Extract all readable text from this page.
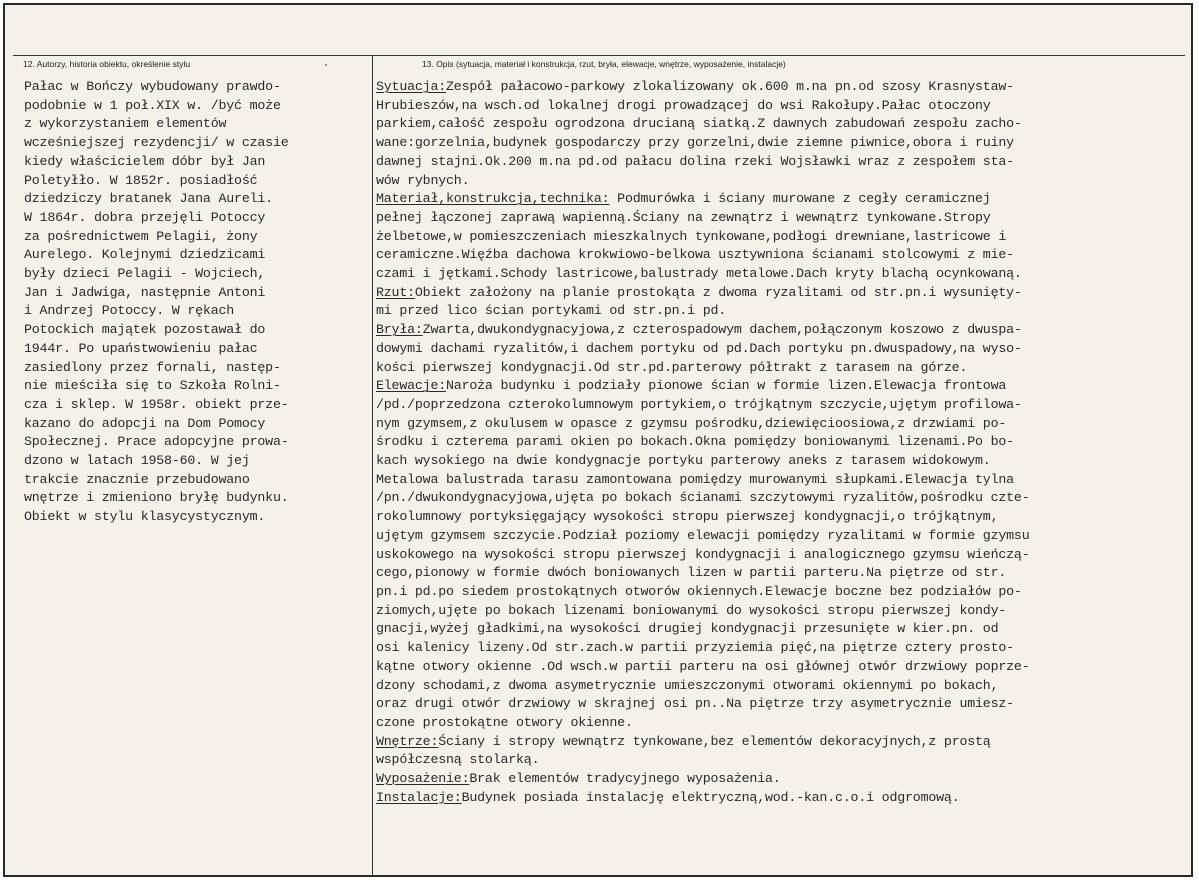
12. Autorzy, historia obiektu, określenie stylu	13. Opis (sytuacja, materiał i konstrukcja, rzut, bryła, elewacje, wnętrze, wyposażenie, instalacje)
Pałac w Bończy wybudowany prawdo-
podobnie w 1 poł.XIX w. /być może
z wykorzystaniem elementów
wcześniejszej rezydencji/ w czasie
kiedy właścicielem dóbr był Jan
Poletyłło. W 1852r. posiadłość
dziedziczy bratanek Jana Aureli.
W 1864r. dobra przejęli Potoccy
za pośrednictwem Pelagii, żony
Aurelego. Kolejnymi dziedzicami
były dzieci Pelagii - Wojciech,
Jan i Jadwiga, następnie Antoni
i Andrzej Potoccy. W rękach
Potockich majątek pozostawał do
1944r. Po upaństwowieniu pałac
zasiedlony przez fornali, następ-
nie mieściła się to Szkoła Rolni-
cza i sklep. W 1958r. obiekt prze-
kazano do adopcji na Dom Pomocy
Społecznej. Prace adopcyjne prowa-
dzono w latach 1958-60. W jej
trakcie znacznie przebudowano
wnętrze i zmieniono bryłę budynku.
Obiekt w stylu klasycystycznym.
Sytuacja:Zespół pałacowo-parkowy zlokalizowany ok.600 m.na pn.od szosy Krasnystaw-
Hrubieszów,na wsch.od lokalnej drogi prowadzącej do wsi Rakołupy.Pałac otoczony
parkiem,całość zespołu ogrodzona drucianą siatką.Z dawnych zabudowań zespołu zacho-
wane:gorzelnia,budynek gospodarczy przy gorzelni,dwie ziemne piwnice,obora i ruiny
dawnej stajni.Ok.200 m.na pd.od pałacu dolina rzeki Wojsławki wraz z zespołem sta-
wów rybnych.
Materiał,konstrukcja,technika: Podmurówka i ściany murowane z cegły ceramicznej
pełnej łączonej zaprawą wapienną.Ściany na zewnątrz i wewnątrz tynkowane.Stropy
żelbetowe,w pomieszczeniach mieszkalnych tynkowane,podłogi drewniane,lastricowe i
ceramiczne.Więźba dachowa krokwiowo-belkowa usztywniona ścianami stolcowymi z mie-
czami i jętkami.Schody lastricowe,balustrady metalowe.Dach kryty blachą ocynkowaną.
Rzut:Obiekt założony na planie prostokąta z dwoma ryzalitami od str.pn.i wysunięty-
mi przed lico ścian portykami od str.pn.i pd.
Bryła:Zwarta,dwukondygnacyjowa,z czterospadowym dachem,połączonym koszowo z dwuspa-
dowymi dachami ryzalitów,i dachem portyku od pd.Dach portyku pn.dwuspadowy,na wyso-
kości pierwszej kondygnacji.Od str.pd.parterowy półtrakt z tarasem na górze.
Elewacje:Naroża budynku i podziały pionowe ścian w formie lizen.Elewacja frontowa
/pd./poprzedzona czterokolumnowym portykiem,o trójkątnym szczycie,ujętym profilowa-
nym gzymsem,z okulusem w opasce z gzymsu pośrodku,dziewięcioosiowa,z drzwiami po-
środku i czterema parami okien po bokach.Okna pomiędzy boniowanymi lizenami.Po bo-
kach wysokiego na dwie kondygnacje portyku parterowy aneks z tarasem widokowym.
Metalowa balustrada tarasu zamontowana pomiędzy murowanymi słupkami.Elewacja tylna
/pn./dwukondygnacyjowa,ujęta po bokach ścianami szczytowymi ryzalitów,pośrodku czte-
rokolumnowy portyksięgający wysokości stropu pierwszej kondygnacji,o trójkątnym,
ujętym gzymsem szczycie.Podział poziomy elewacji pomiędzy ryzalitami w formie gzymsu
uskokowego na wysokości stropu pierwszej kondygnacji i analogicznego gzymsu wieńczą-
cego,pionowy w formie dwóch boniowanych lizen w partii parteru.Na piętrze od str.
pn.i pd.po siedem prostokątnych otworów okiennych.Elewacje boczne bez podziałów po-
ziomych,ujęte po bokach lizenami boniowanymi do wysokości stropu pierwszej kondy-
gnacji,wyżej gładkimi,na wysokości drugiej kondygnacji przesunięte w kier.pn. od
osi kalenicy lizeny.Od str.zach.w partii przyziemia pięć,na piętrze cztery prosto-
kątne otwory okienne .Od wsch.w partii parteru na osi głównej otwór drzwiowy poprze-
dzony schodami,z dwoma asymetrycznie umieszczonymi otworami okiennymi po bokach,
oraz drugi otwór drzwiowy w skrajnej osi pn..Na piętrze trzy asymetrycznie umiesz-
czone prostokątne otwory okienne.
Wnętrze:Ściany i stropy wewnątrz tynkowane,bez elementów dekoracyjnych,z prostą
współczesną stolarką.
Wyposażenie:Brak elementów tradycyjnego wyposażenia.
Instalacje:Budynek posiada instalację elektryczną,wod.-kan.c.o.i odgromową.
